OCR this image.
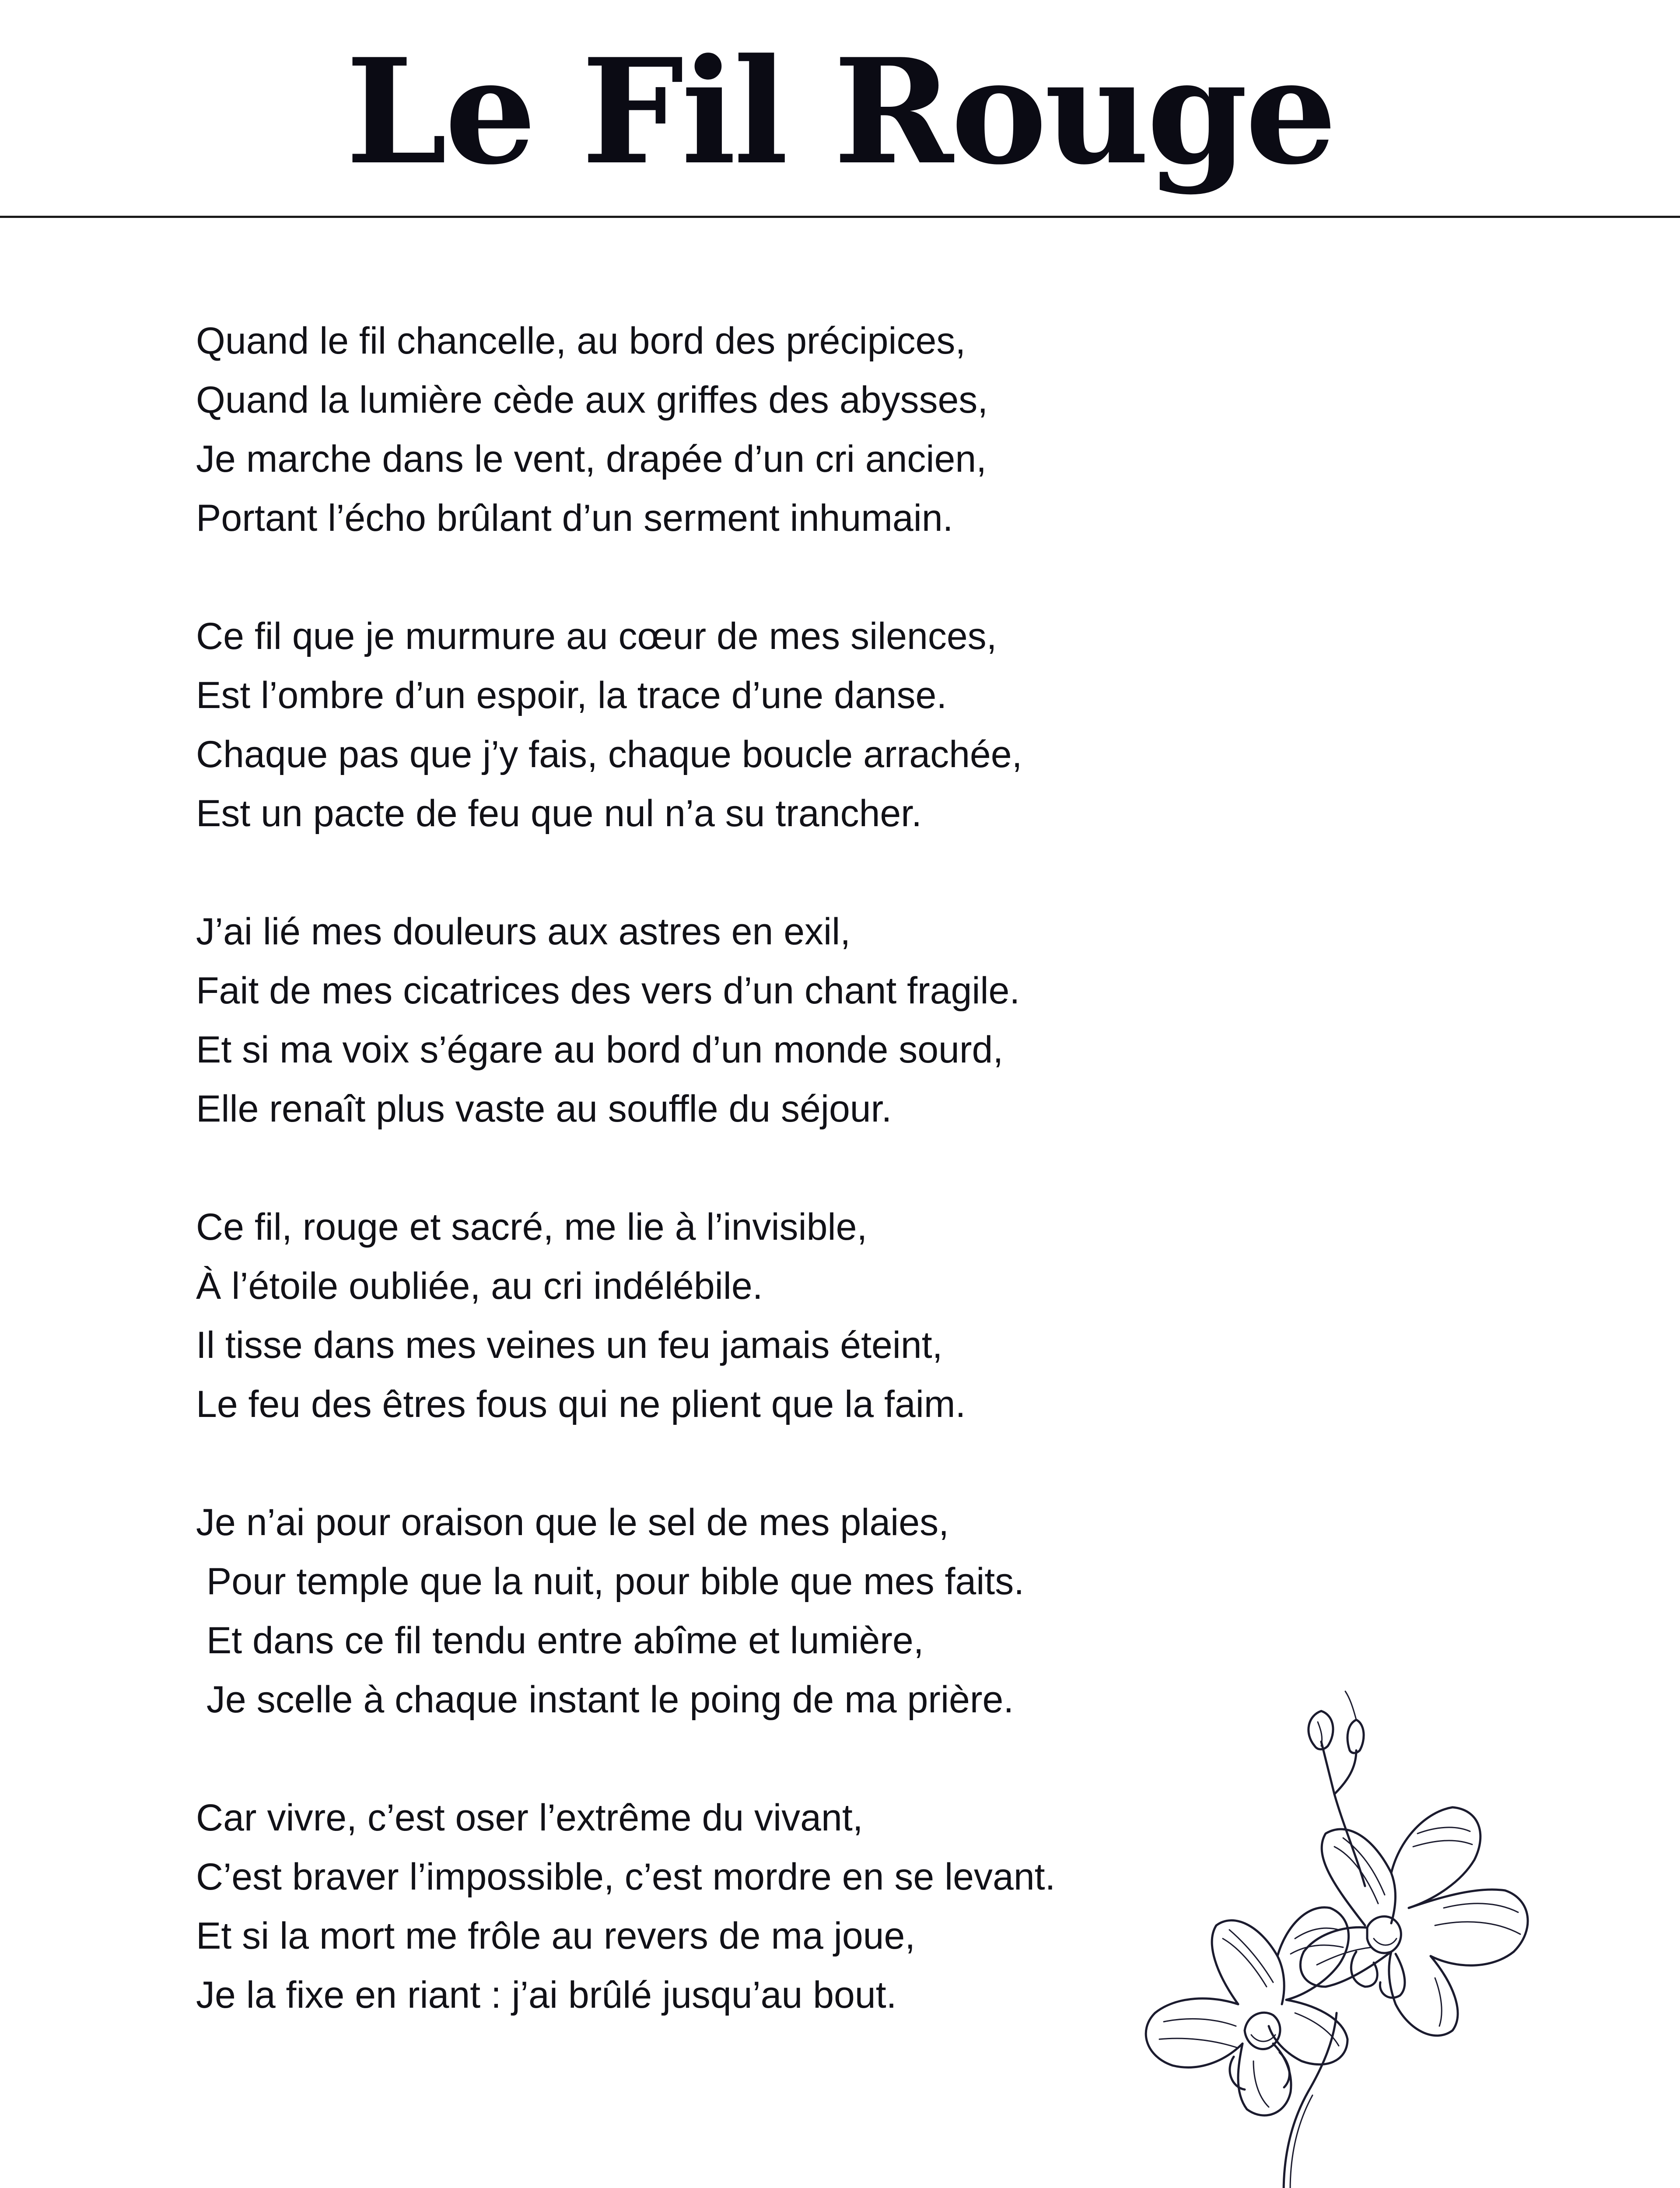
Le Fil Rouge
Quand le fil chancelle, au bord des précipices,
Quand la lumière cède aux griffes des abysses,
Je marche dans le vent, drapée d’un cri ancien,
Portant l’écho brûlant d’un serment inhumain.
Ce fil que je murmure au cœur de mes silences,
Est l’ombre d’un espoir, la trace d’une danse.
Chaque pas que j’y fais, chaque boucle arrachée,
Est un pacte de feu que nul n’a su trancher.
J’ai lié mes douleurs aux astres en exil,
Fait de mes cicatrices des vers d’un chant fragile.
Et si ma voix s’égare au bord d’un monde sourd,
Elle renaît plus vaste au souffle du séjour.
Ce fil, rouge et sacré, me lie à l’invisible,
À l’étoile oubliée, au cri indélébile.
Il tisse dans mes veines un feu jamais éteint,
Le feu des êtres fous qui ne plient que la faim.
Je n’ai pour oraison que le sel de mes plaies,
Pour temple que la nuit, pour bible que mes faits.
Et dans ce fil tendu entre abîme et lumière,
Je scelle à chaque instant le poing de ma prière.
Car vivre, c’est oser l’extrême du vivant,
C’est braver l’impossible, c’est mordre en se levant.
Et si la mort me frôle au revers de ma joue,
Je la fixe en riant : j’ai brûlé jusqu’au bout.
